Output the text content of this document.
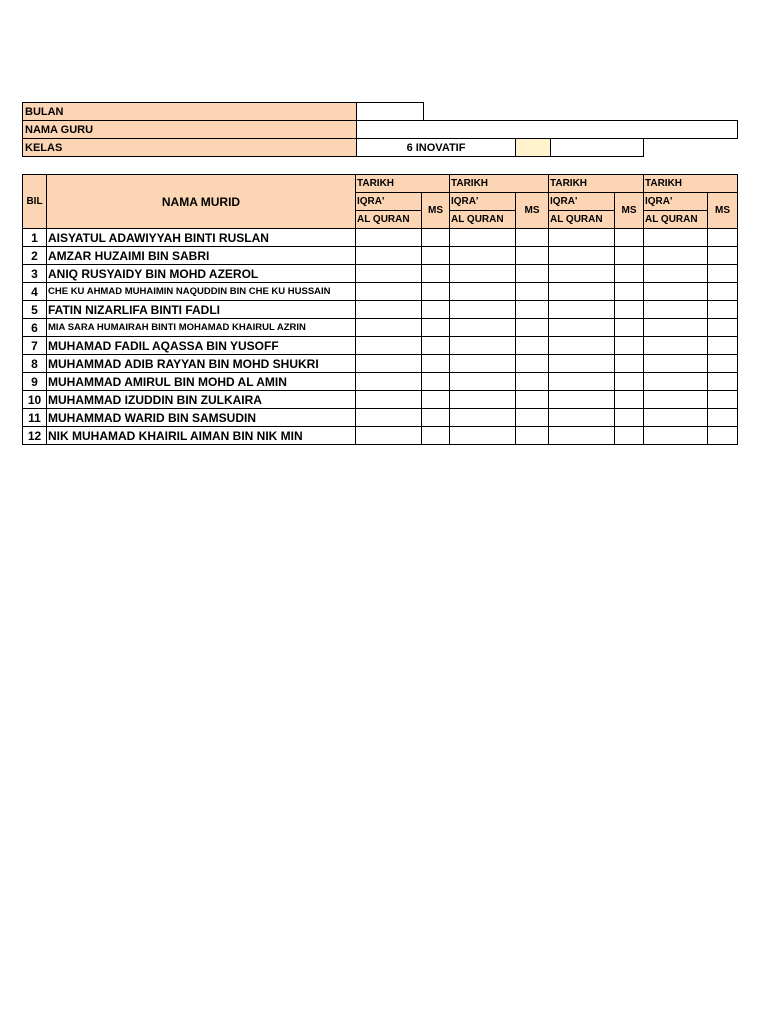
BULAN		
NAMA GURU		
KELAS	6 INOVATIF		
BIL	NAMA MURID	TARIKH		TARIKH		TARIKH		TARIKH	
		IQRA'	MS	IQRA'	MS	IQRA'	MS	IQRA'	MS
		AL QURAN		AL QURAN		AL QURAN		AL QURAN	
1	AISYATUL ADAWIYYAH BINTI RUSLAN								
2	AMZAR HUZAIMI BIN SABRI								
3	ANIQ RUSYAIDY BIN MOHD AZEROL								
4	CHE KU AHMAD MUHAIMIN NAQUDDIN BIN CHE KU HUSSAIN								
5	FATIN NIZARLIFA BINTI FADLI								
6	MIA SARA HUMAIRAH BINTI MOHAMAD KHAIRUL AZRIN								
7	MUHAMAD FADIL AQASSA BIN YUSOFF								
8	MUHAMMAD ADIB RAYYAN BIN MOHD SHUKRI								
9	MUHAMMAD AMIRUL BIN MOHD AL AMIN								
10	MUHAMMAD IZUDDIN BIN ZULKAIRA								
11	MUHAMMAD WARID BIN SAMSUDIN								
12	NIK MUHAMAD KHAIRIL AIMAN BIN NIK MIN								
